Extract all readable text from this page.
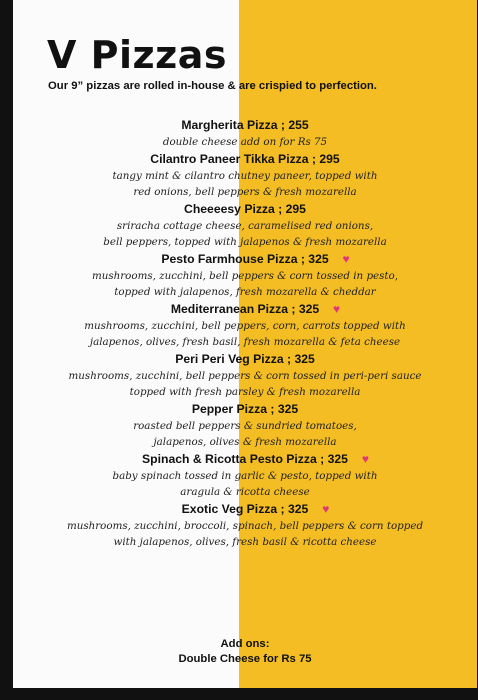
V Pizzas
Our 9” pizzas are rolled in-house & are crispied to perfection.
Margherita Pizza ; 255
double cheese add on for Rs 75
Cilantro Paneer Tikka Pizza ; 295
tangy mint & cilantro chutney paneer, topped with
red onions, bell peppers & fresh mozarella
Cheeeesy Pizza ; 295
sriracha cottage cheese, caramelised red onions,
bell peppers, topped with jalapenos & fresh mozarella
Pesto Farmhouse Pizza ; 325 ♥
mushrooms, zucchini, bell peppers & corn tossed in pesto,
topped with jalapenos, fresh mozarella & cheddar
Mediterranean Pizza ; 325 ♥
mushrooms, zucchini, bell peppers, corn, carrots topped with
jalapenos, olives, fresh basil, fresh mozarella & feta cheese
Peri Peri Veg Pizza ; 325
mushrooms, zucchini, bell peppers & corn tossed in peri-peri sauce
topped with fresh parsley & fresh mozarella
Pepper Pizza ; 325
roasted bell peppers & sundried tomatoes,
jalapenos, olives & fresh mozarella
Spinach & Ricotta Pesto Pizza ; 325 ♥
baby spinach tossed in garlic & pesto, topped with
aragula & ricotta cheese
Exotic Veg Pizza ; 325 ♥
mushrooms, zucchini, broccoli, spinach, bell peppers & corn topped
with jalapenos, olives, fresh basil & ricotta cheese
Add ons:
Double Cheese for Rs 75
